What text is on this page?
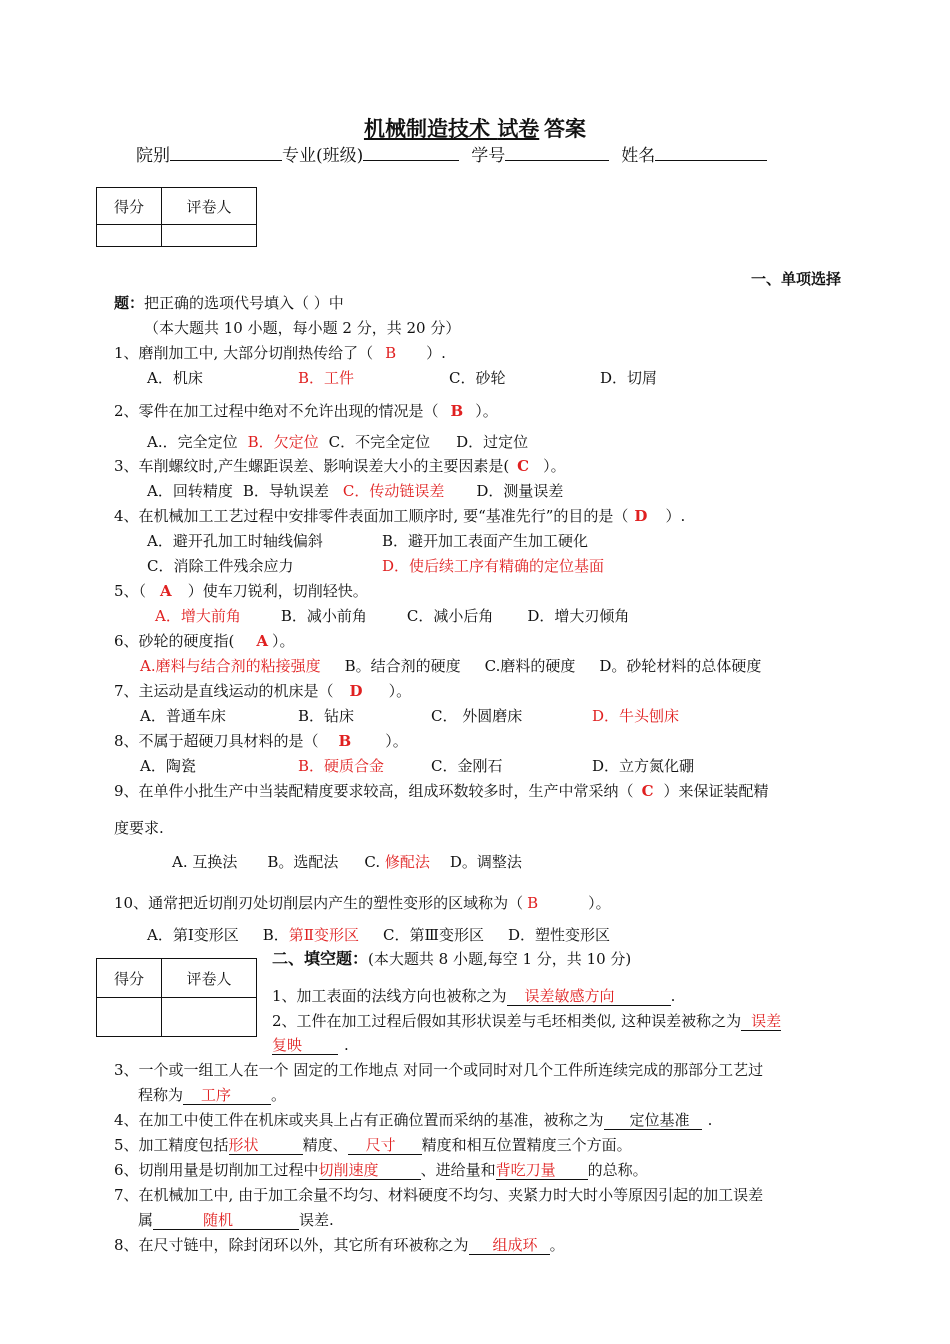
机械制造技术 试卷 答案
院别	专业(班级)	学号	姓名
得分	评卷人

一、单项选择
题：把正确的选项代号填入（ ）中
（本大题共 10 小题，每小题 2 分，共 20 分）
1、磨削加工中, 大部分切削热传给了（ B ）.
A．机床	B．工件	C．砂轮	D．切屑
2、零件在加工过程中绝对不允许出现的情况是（ B ）。
A.．完全定位 B．欠定位 C．不完全定位 D．过定位
3、车削螺纹时,产生螺距误差、影响误差大小的主要因素是( C ）。
A．回转精度 B．导轨误差 C．传动链误差 D．测量误差
4、在机械加工工艺过程中安排零件表面加工顺序时, 要“基准先行”的目的是（ D ）.
A．避开孔加工时轴线偏斜	B．避开加工表面产生加工硬化
C．消除工件残余应力	D．使后续工序有精确的定位基面
5、（ A ）使车刀锐利，切削轻快。
A．增大前角	B．减小前角	C．减小后角 D．增大刃倾角
6、砂轮的硬度指( A ）。
A.磨料与结合剂的粘接强度 B。结合剂的硬度 C.磨料的硬度 D。砂轮材料的总体硬度
7、主运动是直线运动的机床是（ D ）。
A．普通车床	B．钻床	C． 外圆磨床	D．牛头刨床
8、不属于超硬刀具材料的是（ B ）。
A．陶瓷	B．硬质合金	C．金刚石	D．立方氮化硼
9、在单件小批生产中当装配精度要求较高，组成环数较多时，生产中常采纳（ C ）来保证装配精
度要求.
A. 互换法 B。选配法 C. 修配法 D。调整法
10、通常把近切削刃处切削层内产生的塑性变形的区域称为（ B	）。
A．第Ⅰ变形区 B．第Ⅱ变形区 C．第Ⅲ变形区 D．塑性变形区
得分	评卷人

二、填空题：(本大题共 8 小题,每空 1 分，共 10 分)
1、加工表面的法线方向也被称之为 误差敏感方向	.
2、工件在加工过程后假如其形状误差与毛坯相类似, 这种误差被称之为 误差
复映	.
3、一个或一组工人在一个 固定的工作地点 对同一个或同时对几个工件所连续完成的那部分工艺过
程称为 工序	。
4、在加工中使工件在机床或夹具上占有正确位置而采纳的基准，被称之为 定位基准 .
5、加工精度包括形状	精度、 尺寸 精度和相互位置精度三个方面。
6、切削用量是切削加工过程中切削速度	、进给量和背吃刀量 的总称。
7、在机械加工中, 由于加工余量不均匀、材料硬度不均匀、夹紧力时大时小等原因引起的加工误差
属	随机	误差.
8、在尺寸链中，除封闭环以外，其它所有环被称之为 组成环 。
